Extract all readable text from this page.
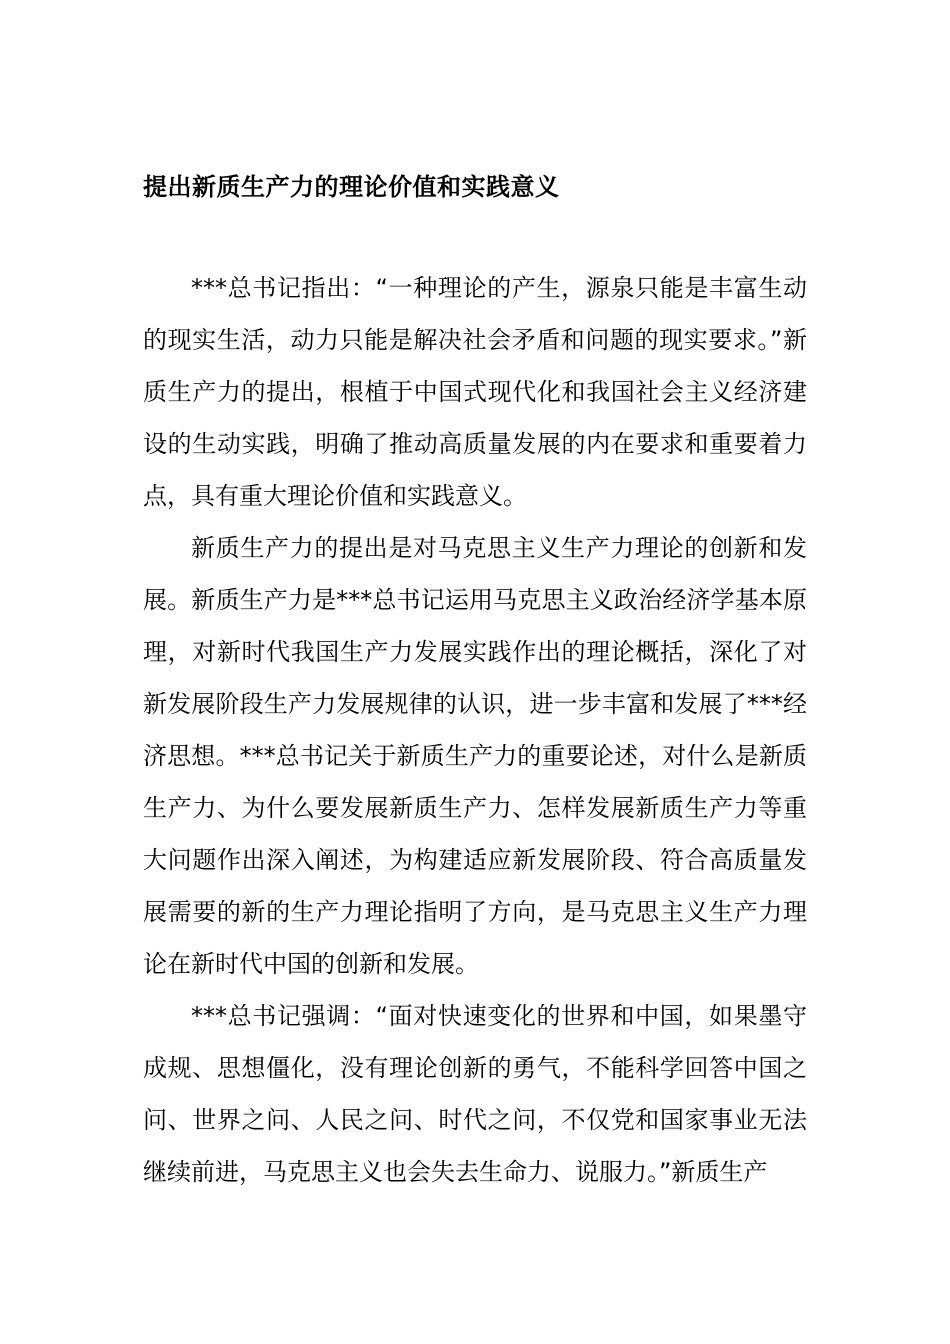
提出新质生产力的理论价值和实践意义

***总书记指出：“一种理论的产生，源泉只能是丰富生动的现实生活，动力只能是解决社会矛盾和问题的现实要求。”新质生产力的提出，根植于中国式现代化和我国社会主义经济建设的生动实践，明确了推动高质量发展的内在要求和重要着力点，具有重大理论价值和实践意义。

新质生产力的提出是对马克思主义生产力理论的创新和发展。新质生产力是***总书记运用马克思主义政治经济学基本原理，对新时代我国生产力发展实践作出的理论概括，深化了对新发展阶段生产力发展规律的认识，进一步丰富和发展了***经济思想。***总书记关于新质生产力的重要论述，对什么是新质生产力、为什么要发展新质生产力、怎样发展新质生产力等重大问题作出深入阐述，为构建适应新发展阶段、符合高质量发展需要的新的生产力理论指明了方向，是马克思主义生产力理论在新时代中国的创新和发展。

***总书记强调：“面对快速变化的世界和中国，如果墨守成规、思想僵化，没有理论创新的勇气，不能科学回答中国之问、世界之问、人民之问、时代之问，不仅党和国家事业无法继续前进，马克思主义也会失去生命力、说服力。”新质生产
